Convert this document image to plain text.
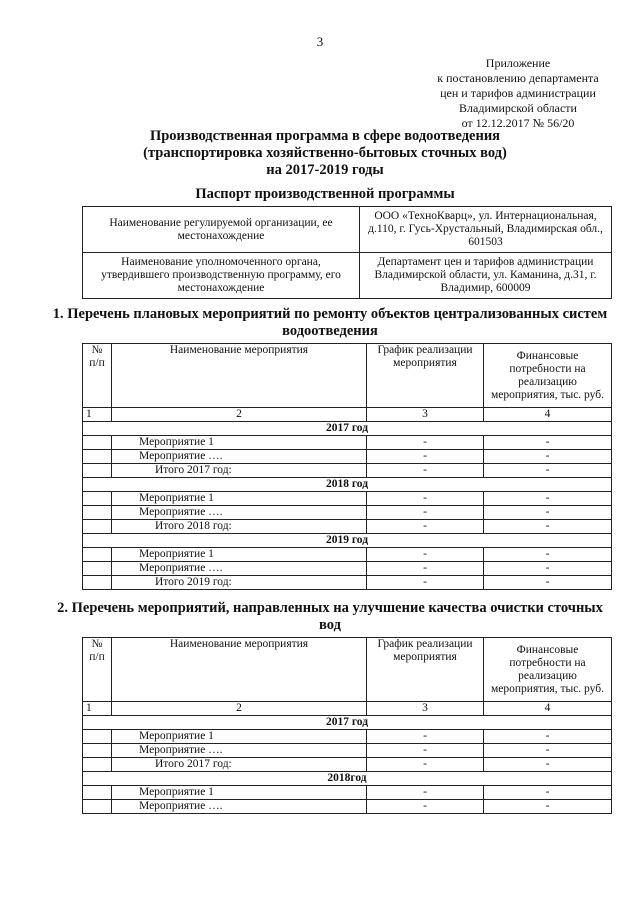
3
Приложение
к постановлению департамента
цен и тарифов администрации
Владимирской области
от 12.12.2017 № 56/20
Производственная программа в сфере водоотведения
(транспортировка хозяйственно-бытовых сточных вод)
на 2017-2019 годы
Паспорт производственной программы
Наименование регулируемой организации, ее местонахождение	ООО «ТехноКварц», ул. Интернациональная, д.110, г. Гусь-Хрустальный, Владимирская обл., 601503
Наименование уполномоченного органа, утвердившего производственную программу, его местонахождение	Департамент цен и тарифов администрации Владимирской области, ул. Каманина, д.31, г. Владимир, 600009
1. Перечень плановых мероприятий по ремонту объектов централизованных систем водоотведения
№ п/п	Наименование мероприятия	График реализации мероприятия	Финансовые потребности на реализацию мероприятия, тыс. руб.
1	2	3	4
2017 год			
	Мероприятие 1	-	-
	Мероприятие ….	-	-
	Итого 2017 год:	-	-
2018 год			
	Мероприятие 1	-	-
	Мероприятие ….	-	-
	Итого 2018 год:	-	-
2019 год			
	Мероприятие 1	-	-
	Мероприятие ….	-	-
	Итого 2019 год:	-	-
2. Перечень мероприятий, направленных на улучшение качества очистки сточных вод
№ п/п	Наименование мероприятия	График реализации мероприятия	Финансовые потребности на реализацию мероприятия, тыс. руб.
1	2	3	4
2017 год			
	Мероприятие 1	-	-
	Мероприятие ….	-	-
	Итого 2017 год:	-	-
2018год			
	Мероприятие 1	-	-
	Мероприятие ….	-	-
